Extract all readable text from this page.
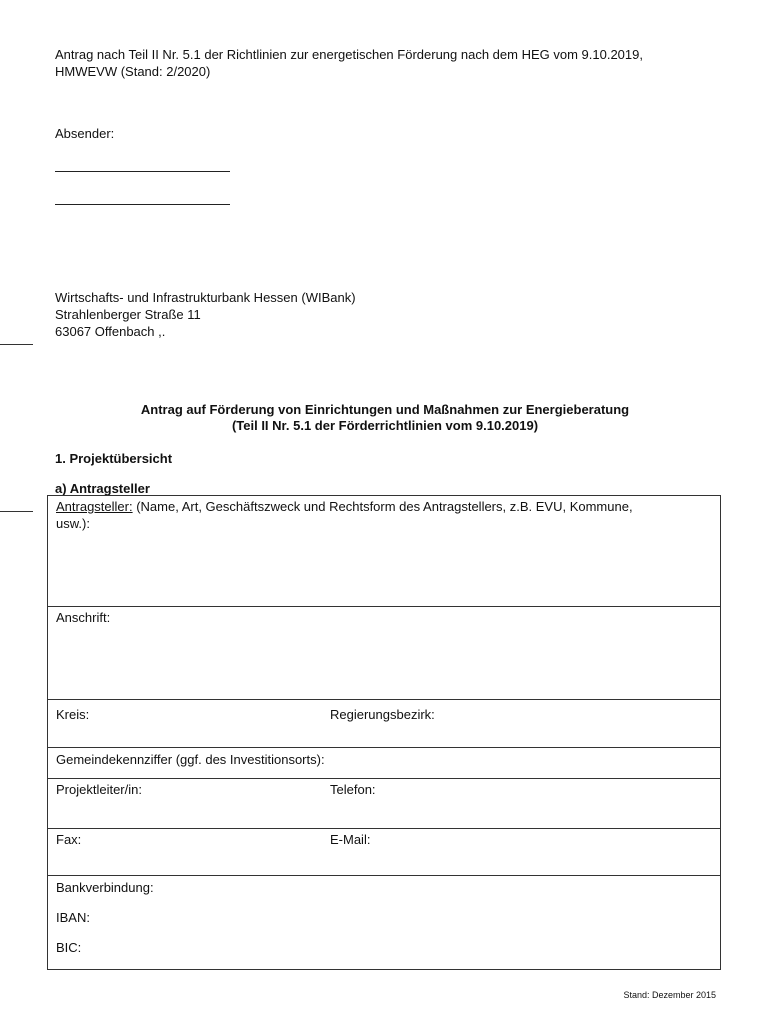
Antrag nach Teil II Nr. 5.1 der Richtlinien zur energetischen Förderung nach dem HEG vom 9.10.2019,
HMWEVW (Stand: 2/2020)
Absender:
Wirtschafts- und Infrastrukturbank Hessen (WIBank)
Strahlenberger Straße 11
63067 Offenbach ,.
Antrag auf Förderung von Einrichtungen und Maßnahmen zur Energieberatung
(Teil II Nr. 5.1 der Förderrichtlinien vom 9.10.2019)
1. Projektübersicht
a) Antragsteller
Antragsteller: (Name, Art, Geschäftszweck und Rechtsform des Antragstellers, z.B. EVU, Kommune,
usw.):
Anschrift:
Kreis:	Regierungsbezirk:
Gemeindekennziffer (ggf. des Investitionsorts):
Projektleiter/in:	Telefon:
Fax:	E-Mail:
Bankverbindung:
IBAN:
BIC:
Stand: Dezember 2015
